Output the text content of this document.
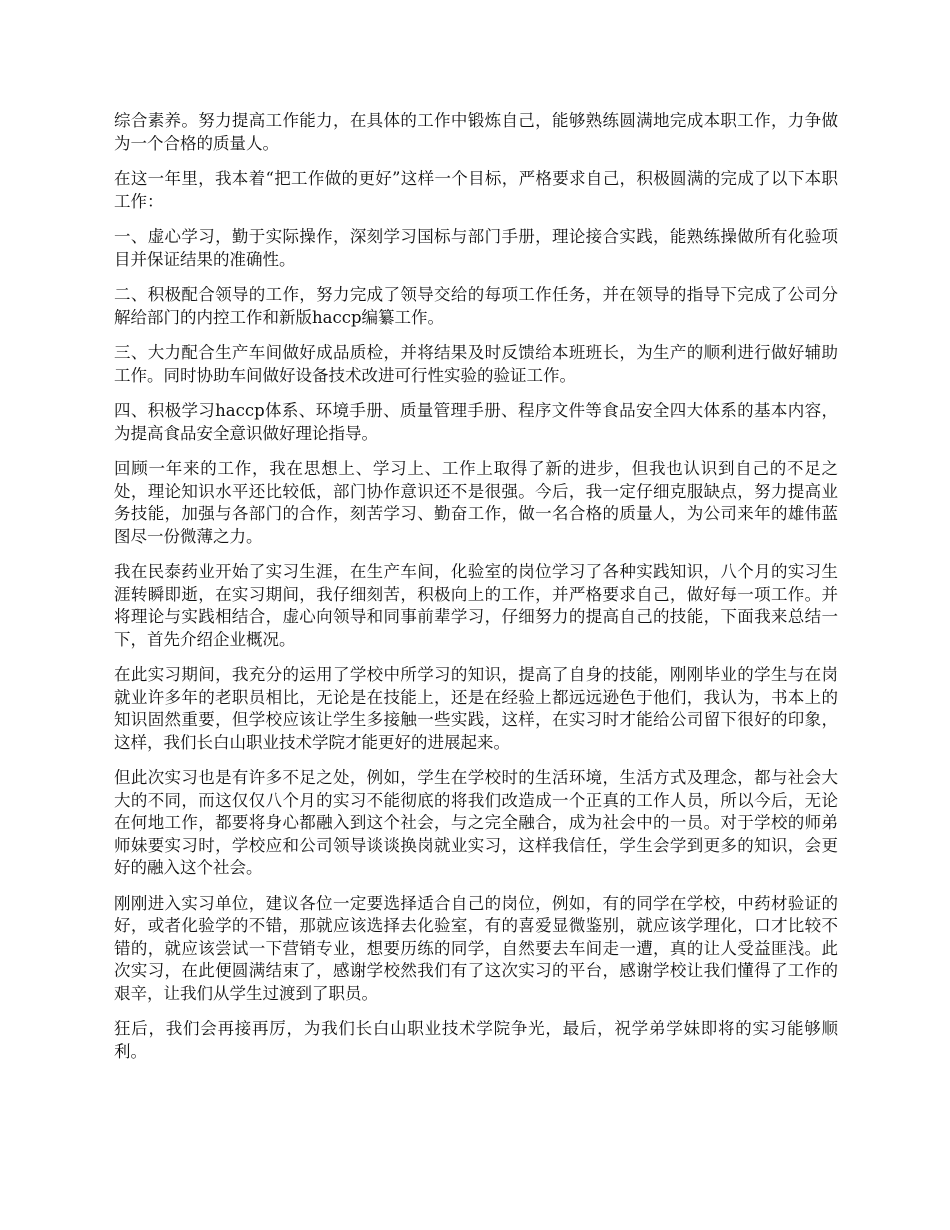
综合素养。努力提高工作能力，在具体的工作中锻炼自己，能够熟练圆满地完成本职工作，力争做为一个合格的质量人。

在这一年里，我本着“把工作做的更好”这样一个目标，严格要求自己，积极圆满的完成了以下本职工作：

一、虚心学习，勤于实际操作，深刻学习国标与部门手册，理论接合实践，能熟练操做所有化验项目并保证结果的准确性。

二、积极配合领导的工作，努力完成了领导交给的每项工作任务，并在领导的指导下完成了公司分解给部门的内控工作和新版haccp编纂工作。

三、大力配合生产车间做好成品质检，并将结果及时反馈给本班班长，为生产的顺利进行做好辅助工作。同时协助车间做好设备技术改进可行性实验的验证工作。

四、积极学习haccp体系、环境手册、质量管理手册、程序文件等食品安全四大体系的基本内容，为提高食品安全意识做好理论指导。

回顾一年来的工作，我在思想上、学习上、工作上取得了新的进步，但我也认识到自己的不足之处，理论知识水平还比较低，部门协作意识还不是很强。今后，我一定仔细克服缺点，努力提高业务技能，加强与各部门的合作，刻苦学习、勤奋工作，做一名合格的质量人，为公司来年的雄伟蓝图尽一份微薄之力。

我在民泰药业开始了实习生涯，在生产车间，化验室的岗位学习了各种实践知识，八个月的实习生涯转瞬即逝，在实习期间，我仔细刻苦，积极向上的工作，并严格要求自己，做好每一项工作。并将理论与实践相结合，虚心向领导和同事前辈学习，仔细努力的提高自己的技能，下面我来总结一下，首先介绍企业概况。

在此实习期间，我充分的运用了学校中所学习的知识，提高了自身的技能，刚刚毕业的学生与在岗就业许多年的老职员相比，无论是在技能上，还是在经验上都远远逊色于他们，我认为，书本上的知识固然重要，但学校应该让学生多接触一些实践，这样，在实习时才能给公司留下很好的印象，这样，我们长白山职业技术学院才能更好的进展起来。

但此次实习也是有许多不足之处，例如，学生在学校时的生活环境，生活方式及理念，都与社会大大的不同，而这仅仅八个月的实习不能彻底的将我们改造成一个正真的工作人员，所以今后，无论在何地工作，都要将身心都融入到这个社会，与之完全融合，成为社会中的一员。对于学校的师弟师妹要实习时，学校应和公司领导谈谈换岗就业实习，这样我信任，学生会学到更多的知识，会更好的融入这个社会。

刚刚进入实习单位，建议各位一定要选择适合自己的岗位，例如，有的同学在学校，中药材验证的好，或者化验学的不错，那就应该选择去化验室，有的喜爱显微鉴别，就应该学理化，口才比较不错的，就应该尝试一下营销专业，想要历练的同学，自然要去车间走一遭，真的让人受益匪浅。此次实习，在此便圆满结束了，感谢学校然我们有了这次实习的平台，感谢学校让我们懂得了工作的艰辛，让我们从学生过渡到了职员。

狂后，我们会再接再厉，为我们长白山职业技术学院争光，最后，祝学弟学妹即将的实习能够顺利。
